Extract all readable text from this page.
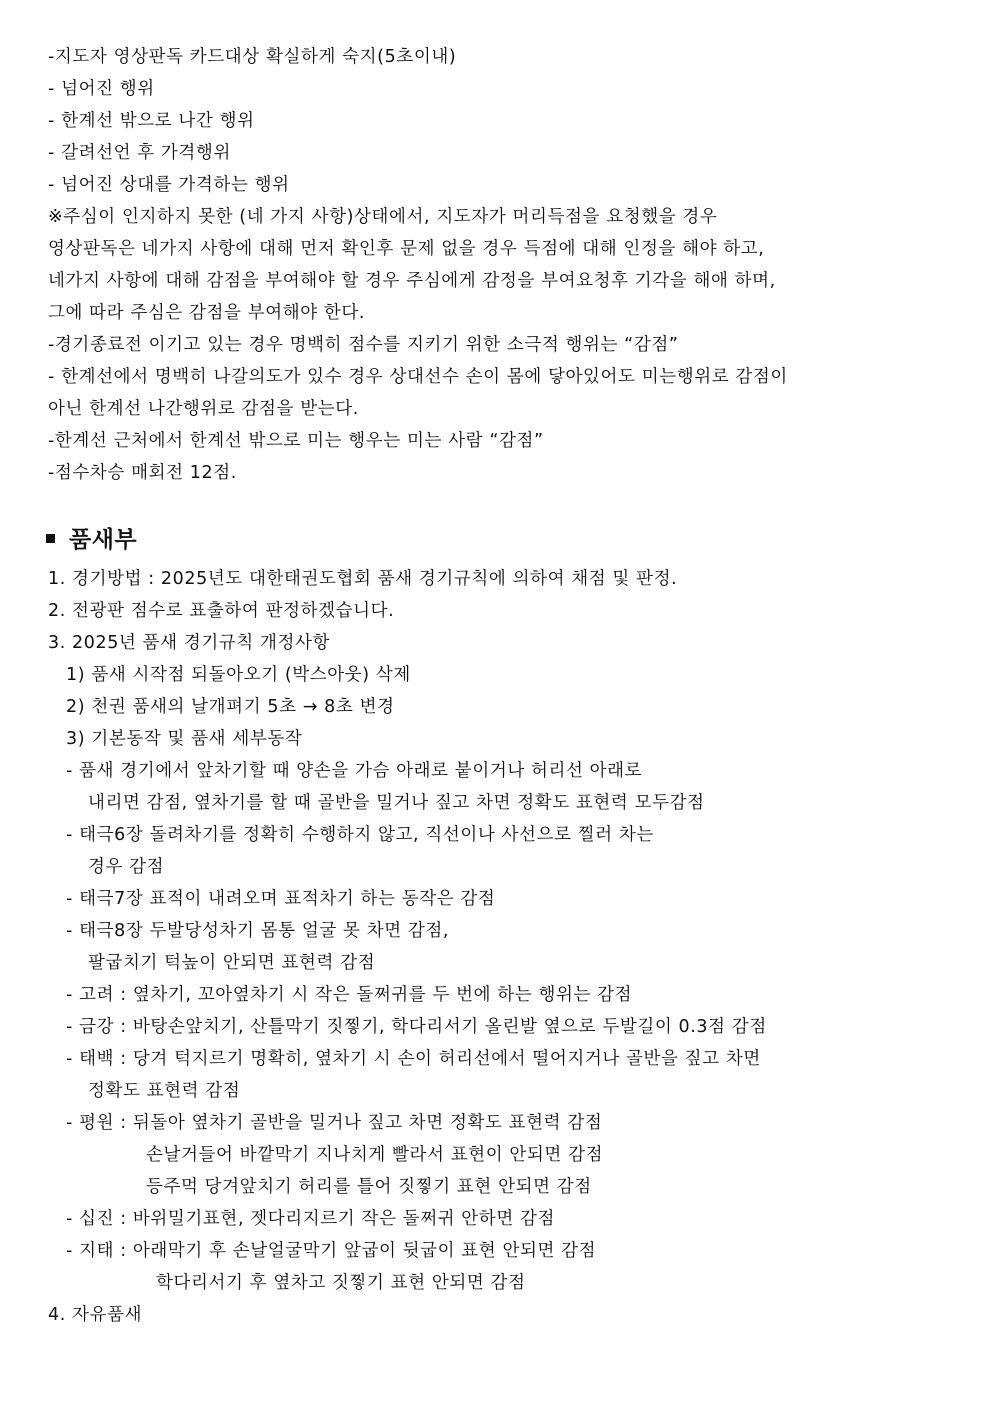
-지도자 영상판독 카드대상 확실하게 숙지(5초이내)
- 넘어진 행위
- 한계선 밖으로 나간 행위
- 갈려선언 후 가격행위
- 넘어진 상대를 가격하는 행위
※주심이 인지하지 못한 (네 가지 사항)상태에서, 지도자가 머리득점을 요청했을 경우
영상판독은 네가지 사항에 대해 먼저 확인후 문제 없을 경우 득점에 대해 인정을 해야 하고,
네가지 사항에 대해 감점을 부여해야 할 경우 주심에게 감정을 부여요청후 기각을 해애 하며,
그에 따라 주심은 감점을 부여해야 한다.
-경기종료전 이기고 있는 경우 명백히 점수를 지키기 위한 소극적 행위는 “감점”
- 한계선에서 명백히 나갈의도가 있수 경우 상대선수 손이 몸에 닿아있어도 미는행위로 감점이
아닌 한계선 나간행위로 감점을 받는다.
-한계선 근처에서 한계선 밖으로 미는 행우는 미는 사람 “감점”
-점수차승 매회전 12점.
품새부
1. 경기방법 : 2025년도 대한태권도협회 품새 경기규칙에 의하여 채점 및 판정.
2. 전광판 점수로 표출하여 판정하겠습니다.
3. 2025년 품새 경기규칙 개정사항
1) 품새 시작점 되돌아오기 (박스아웃) 삭제
2) 천권 품새의 날개펴기 5초 → 8초 변경
3) 기본동작 및 품새 세부동작
- 품새 경기에서 앞차기할 때 양손을 가슴 아래로 붙이거나 허리선 아래로
내리면 감점, 옆차기를 할 때 골반을 밀거나 짚고 차면 정확도 표현력 모두감점
- 태극6장 돌려차기를 정확히 수행하지 않고, 직선이나 사선으로 찔러 차는
경우 감점
- 태극7장 표적이 내려오며 표적차기 하는 동작은 감점
- 태극8장 두발당성차기 몸통 얼굴 못 차면 감점,
팔굽치기 턱높이 안되면 표현력 감점
- 고려 : 옆차기, 꼬아옆차기 시 작은 돌쩌귀를 두 번에 하는 행위는 감점
- 금강 : 바탕손앞치기, 산틀막기 짓찧기, 학다리서기 올린발 옆으로 두발길이 0.3점 감점
- 태백 : 당겨 턱지르기 명확히, 옆차기 시 손이 허리선에서 떨어지거나 골반을 짚고 차면
정확도 표현력 감점
- 평원 : 뒤돌아 옆차기 골반을 밀거나 짚고 차면 정확도 표현력 감점
손날거들어 바깥막기 지나치게 빨라서 표현이 안되면 감점
등주먹 당겨앞치기 허리를 틀어 짓찧기 표현 안되면 감점
- 십진 : 바위밀기표현, 젯다리지르기 작은 돌쩌귀 안하면 감점
- 지태 : 아래막기 후 손날얼굴막기 앞굽이 뒷굽이 표현 안되면 감점
학다리서기 후 옆차고 짓찧기 표현 안되면 감점
4. 자유품새
